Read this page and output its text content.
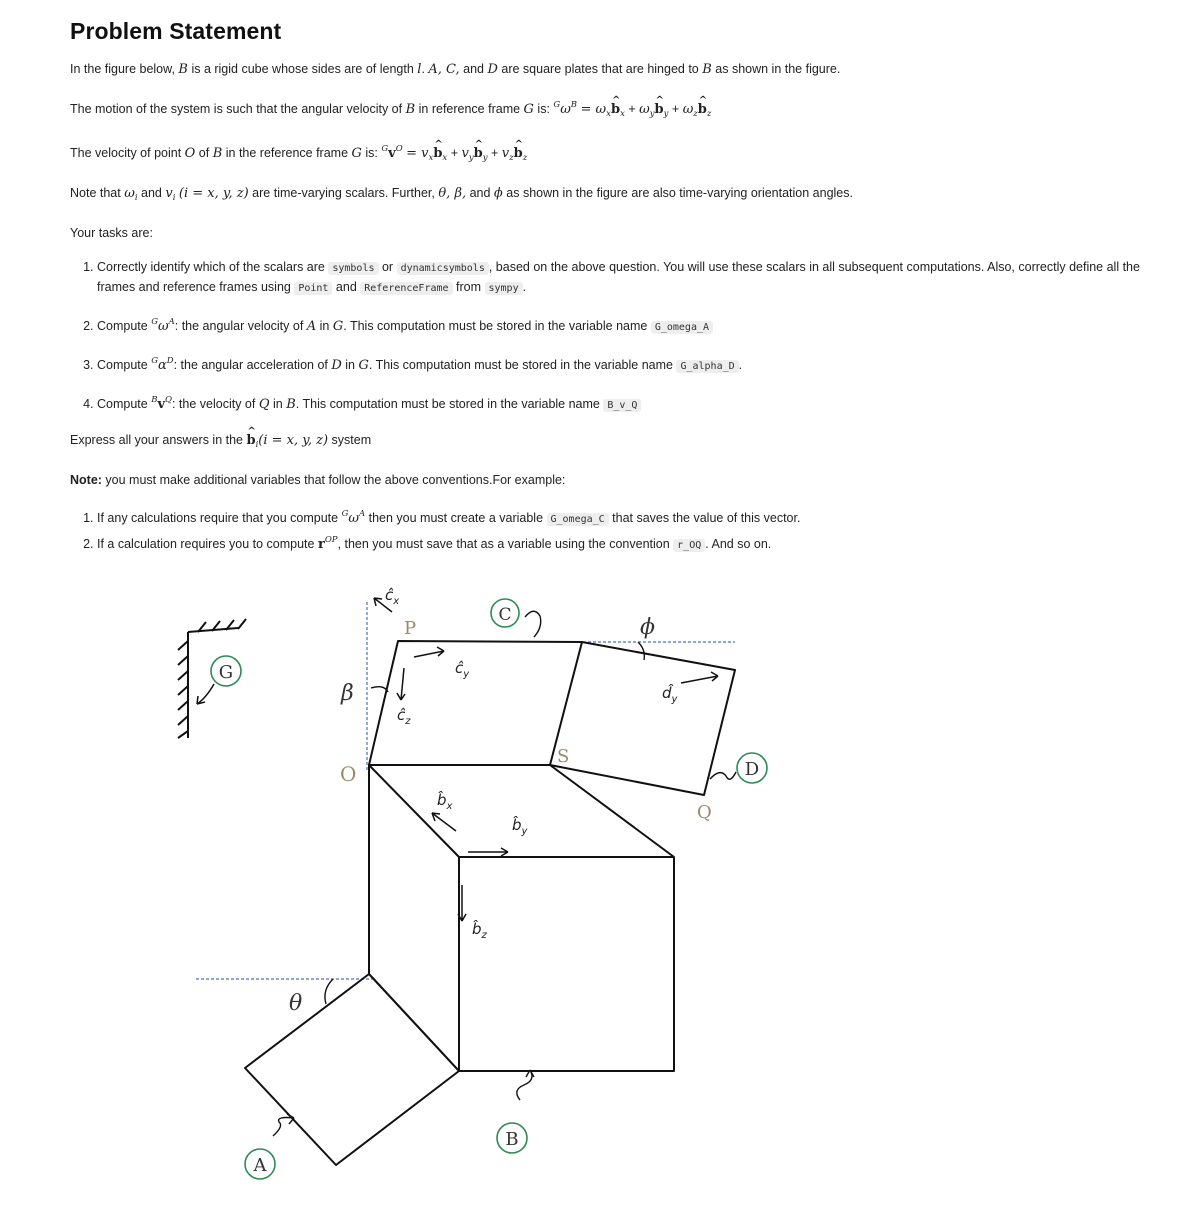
Problem Statement

In the figure below, B is a rigid cube whose sides are of length l. A, C, and D are square plates that are hinged to B as shown in the figure.

The motion of the system is such that the angular velocity of B in reference frame G is: $^G\omega^B$ = $\omega_x\^{}$ $b_x$ + $\omega_y\^{}$ $b_y$ + $\omega_z\^{}$ $b_z$

The velocity of point O of B in the reference frame G is: $^Gv^O$ = $v_x\^{}$ $b_x$ + $v_y\^{}$ $b_y$ + $v_z\^{}$ $b_z$

Note that $\omega_i$ and $v_i$ (i = x, y, z) are time-varying scalars. Further, θ, β, and ϕ as shown in the figure are also time-varying orientation angles.

Your tasks are:

1. Correctly identify which of the scalars are symbols or dynamicsymbols , based on the above question. You will use these scalars in all subsequent computations. Also, correctly define all the frames and reference frames using Point and ReferenceFrame from sympy .
2. Compute $^G\omega^A$: the angular velocity of A in G. This computation must be stored in the variable name G_omega_A
3. Compute $^G\alpha^D$: the angular acceleration of D in G. This computation must be stored in the variable name G_alpha_D .
4. Compute $^Bv^Q$: the velocity of Q in B. This computation must be stored in the variable name B_v_Q

Express all your answers in the ^ $b_i(i = x$, y, z) system

Note: you must make additional variables that follow the above conventions.For example:

1. If any calculations require that you compute $^G\omega^A$ then you must create a variable G_omega_C that saves the value of this vector.
2. If a calculation requires you to compute $r^{OP}$, then you must save that as a variable using the convention r_OQ . And so on.
G
β
ϕ
θ
P
O
S
Q
C
D
B
A
$ĉ_x$
$ĉ_y$
$ĉ_z$
$b̂_x$
$b̂_y$
$b̂_z$
$d̂_y$
